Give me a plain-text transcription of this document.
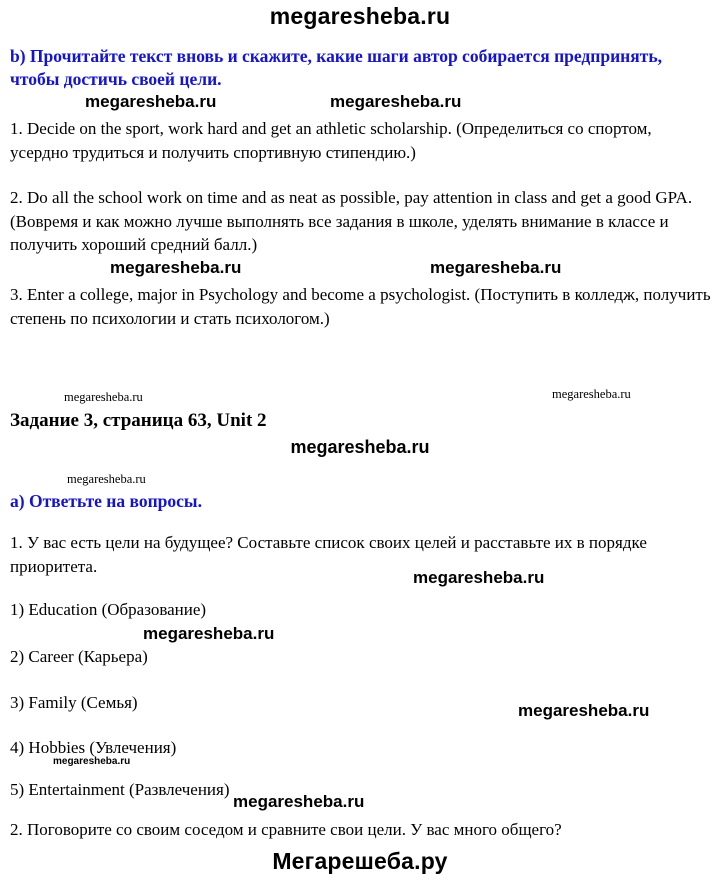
megaresheba.ru

b) Прочитайте текст вновь и скажите, какие шаги автор собирается предпринять, чтобы достичь своей цели.

megaresheba.ru	megaresheba.ru

1. Decide on the sport, work hard and get an athletic scholarship. (Определиться со спортом, усердно трудиться и получить спортивную стипендию.)

2. Do all the school work on time and as neat as possible, pay attention in class and get a good GPA. (Вовремя и как можно лучше выполнять все задания в школе, уделять внимание в классе и получить хороший средний балл.)

megaresheba.ru	megaresheba.ru

3. Enter a college, major in Psychology and become a psychologist. (Поступить в колледж, получить степень по психологии и стать психологом.)

megaresheba.ru	megaresheba.ru
Задание 3, страница 63, Unit 2
megaresheba.ru
megaresheba.ru

а) Ответьте на вопросы.

1. У вас есть цели на будущее? Составьте список своих целей и расставьте их в порядке приоритета.

megaresheba.ru

1) Education (Образование)

megaresheba.ru

2) Career (Карьера)

3) Family (Семья)	megaresheba.ru

4) Hobbies (Увлечения)

megaresheba.ru

5) Entertainment (Развлечения)

megaresheba.ru

2. Поговорите со своим соседом и сравните свои цели. У вас много общего?

Мегарешеба.ру
